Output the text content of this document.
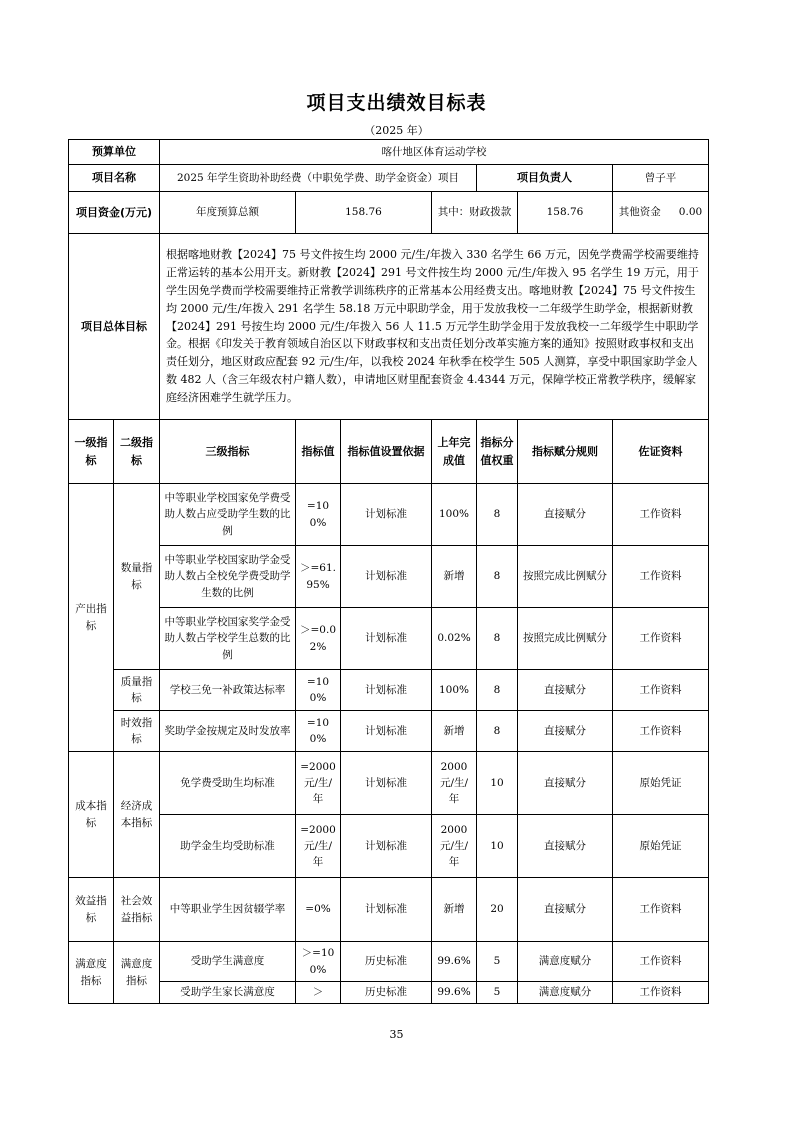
项目支出绩效目标表
（2025 年）
预算单位		喀什地区体育运动学校						
项目名称		2025 年学生资助补助经费（中职免学费、助学金资金）项目				项目负责人		曾子平
项目资金(万元)		年度预算总额	158.76		其中：财政拨款		158.76	其他资金 0.00
项目总体目标		根据喀地财教【2024】75 号文件按生均 2000 元/生/年拨入 330 名学生 66 万元，因免学费需学校需要维持正常运转的基本公用开支。新财教【2024】291 号文件按生均 2000 元/生/年拨入 95 名学生 19 万元，用于学生因免学费而学校需要维持正常教学训练秩序的正常基本公用经费支出。喀地财教【2024】75 号文件按生均 2000 元/生/年拨入 291 名学生 58.18 万元中职助学金，用于发放我校一二年级学生助学金，根据新财教【2024】291 号按生均 2000 元/生/年拨入 56 人 11.5 万元学生助学金用于发放我校一二年级学生中职助学金。根据《印发关于教育领域自治区以下财政事权和支出责任划分改革实施方案的通知》按照财政事权和支出责任划分，地区财政应配套 92 元/生/年，以我校 2024 年秋季在校学生 505 人测算，享受中职国家助学金人数 482 人（含三年级农村户籍人数），申请地区财里配套资金 4.4344 万元，保障学校正常教学秩序，缓解家庭经济困难学生就学压力。						
一级指标	二级指标	三级指标	指标值	指标值设置依据	上年完成值	指标分值权重	指标赋分规则	佐证资料
产出指标	数量指标	中等职业学校国家免学费受助人数占应受助学生数的比例	=100%	计划标准	100%	8	直接赋分	工作资料
		中等职业学校国家助学金受助人数占全校免学费受助学生数的比例	＞=61.95%	计划标准	新增	8	按照完成比例赋分	工作资料
		中等职业学校国家奖学金受助人数占学校学生总数的比例	＞=0.02%	计划标准	0.02%	8	按照完成比例赋分	工作资料
	质量指标	学校三免一补政策达标率	=100%	计划标准	100%	8	直接赋分	工作资料
	时效指标	奖助学金按规定及时发放率	=100%	计划标准	新增	8	直接赋分	工作资料
成本指标	经济成本指标	免学费受助生均标准	=2000元/生/年	计划标准	2000元/生/年	10	直接赋分	原始凭证
		助学金生均受助标准	=2000元/生/年	计划标准	2000元/生/年	10	直接赋分	原始凭证
效益指标	社会效益指标	中等职业学生因贫辍学率	=0%	计划标准	新增	20	直接赋分	工作资料
满意度指标	满意度指标	受助学生满意度	＞=100%	历史标准	99.6%	5	满意度赋分	工作资料
		受助学生家长满意度	＞	历史标准	99.6%	5	满意度赋分	工作资料
35
